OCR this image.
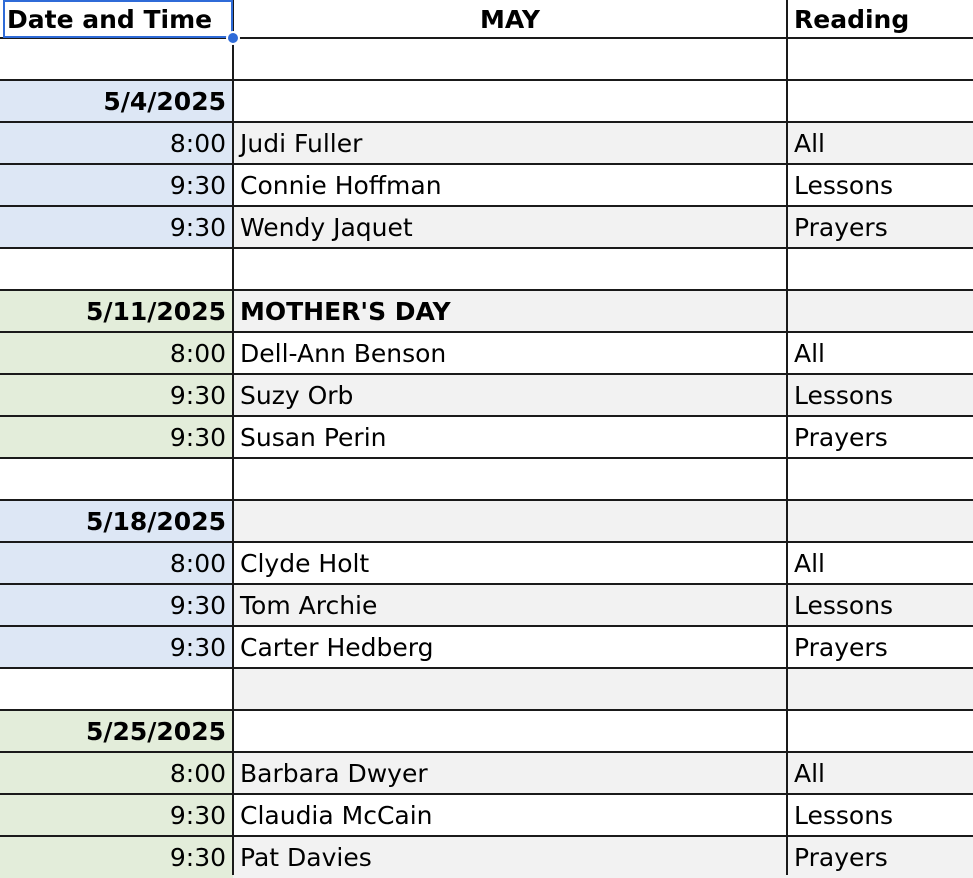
Date and Time	MAY	Reading
5/4/2025
8:00 Judi Fuller	All
9:30 Connie Hoffman	Lessons
9:30 Wendy Jaquet	Prayers
5/11/2025 MOTHER'S DAY
8:00 Dell-Ann Benson	All
9:30 Suzy Orb	Lessons
9:30 Susan Perin	Prayers
5/18/2025
8:00 Clyde Holt	All
9:30 Tom Archie	Lessons
9:30 Carter Hedberg	Prayers
5/25/2025
8:00 Barbara Dwyer	All
9:30 Claudia McCain	Lessons
9:30 Pat Davies	Prayers
